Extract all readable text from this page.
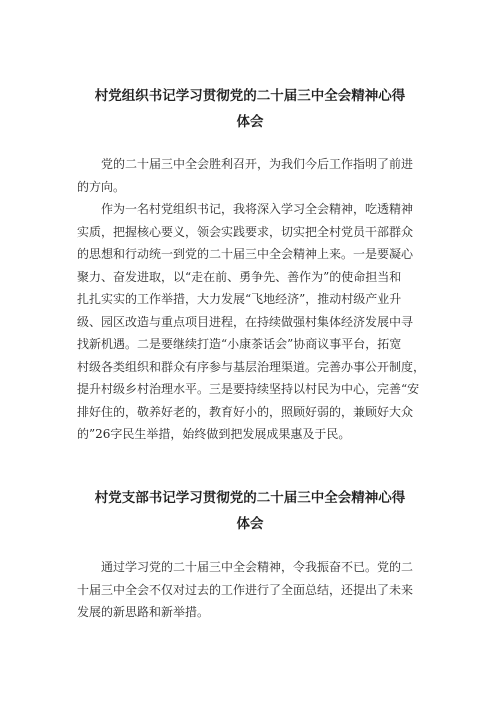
村党组织书记学习贯彻党的二十届三中全会精神心得
体会
党的二十届三中全会胜利召开，为我们今后工作指明了前进
的方向。
作为一名村党组织书记，我将深入学习全会精神，吃透精神
实质，把握核心要义，领会实践要求，切实把全村党员干部群众
的思想和行动统一到党的二十届三中全会精神上来。一是要凝心
聚力、奋发进取，以“走在前、勇争先、善作为”的使命担当和
扎扎实实的工作举措，大力发展“飞地经济”，推动村级产业升
级、园区改造与重点项目进程，在持续做强村集体经济发展中寻
找新机遇。二是要继续打造“小康茶话会”协商议事平台，拓宽
村级各类组织和群众有序参与基层治理渠道。完善办事公开制度，
提升村级乡村治理水平。三是要持续坚持以村民为中心，完善“安
排好住的，敬养好老的，教育好小的，照顾好弱的，兼顾好大众
的”26字民生举措，始终做到把发展成果惠及于民。
村党支部书记学习贯彻党的二十届三中全会精神心得
体会
通过学习党的二十届三中全会精神，令我振奋不已。党的二
十届三中全会不仅对过去的工作进行了全面总结，还提出了未来
发展的新思路和新举措。
